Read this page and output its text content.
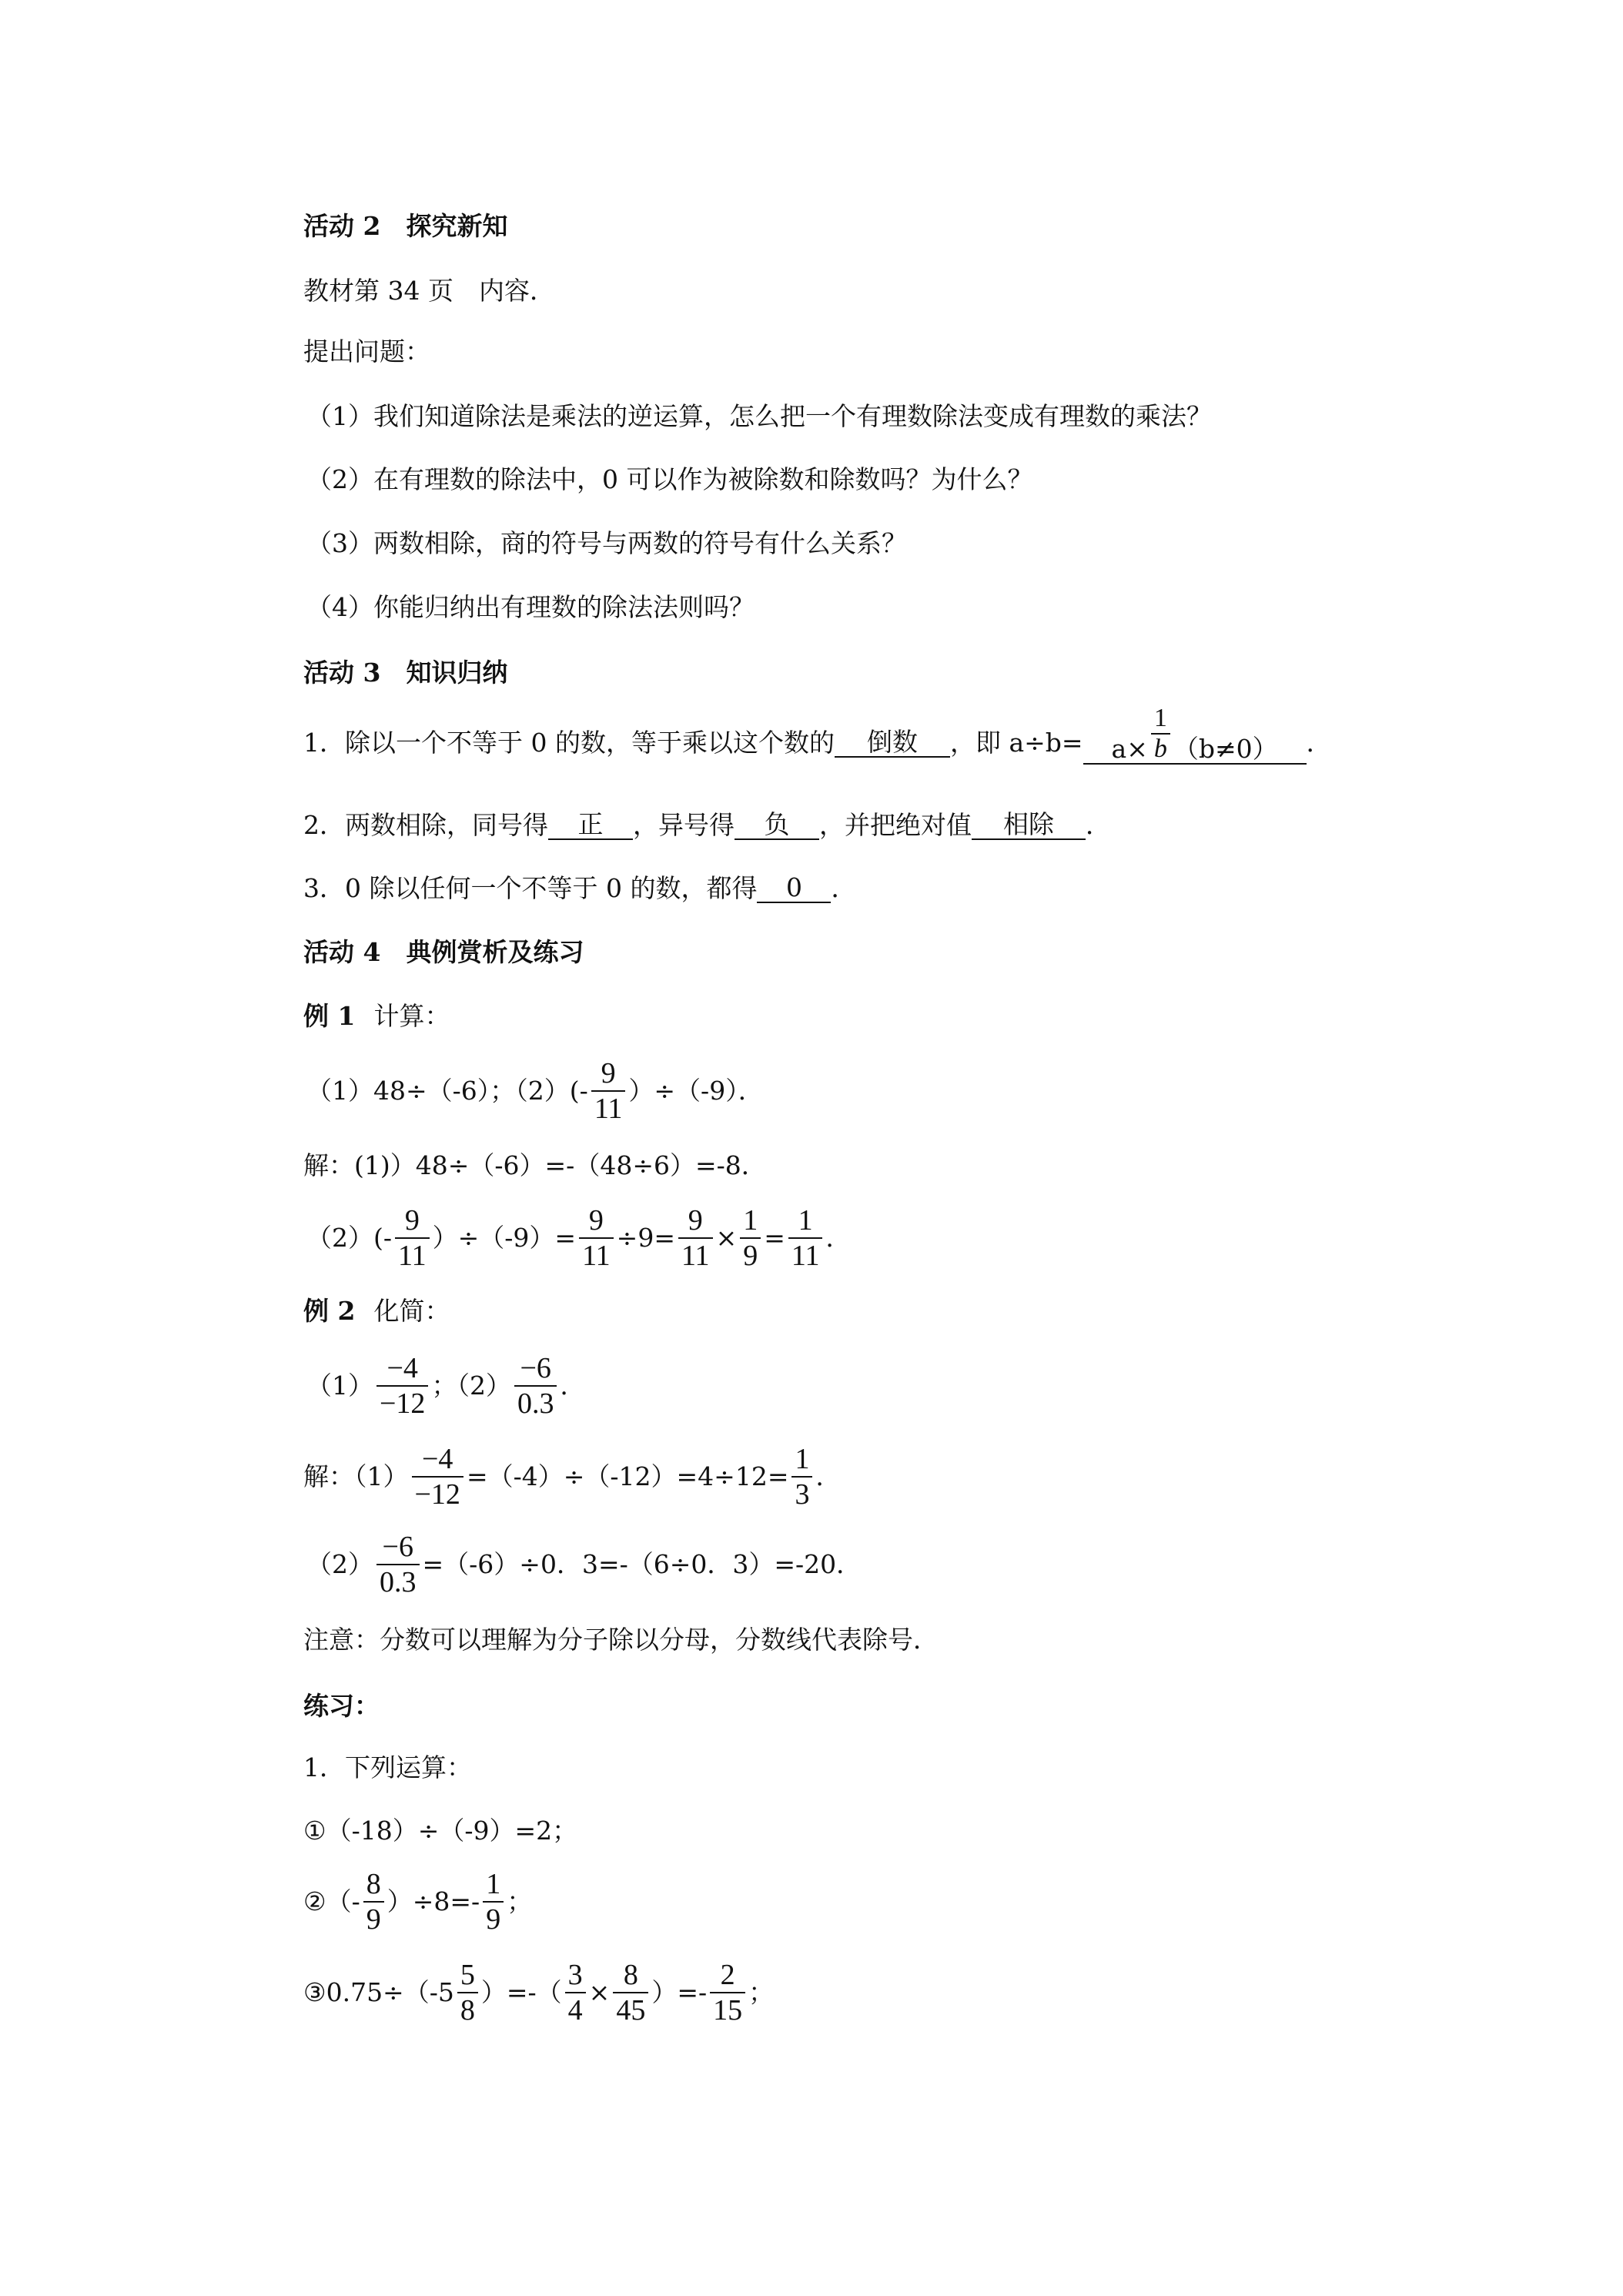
活动 2　探究新知
教材第 34 页　内容．
提出问题：
（1）我们知道除法是乘法的逆运算，怎么把一个有理数除法变成有理数的乘法？
（2）在有理数的除法中，0 可以作为被除数和除数吗？为什么？
（3）两数相除，商的符号与两数的符号有什么关系？
（4）你能归纳出有理数的除法法则吗？
活动 3　知识归纳
1．除以一个不等于 0 的数，等于乘以这个数的	倒数	，即 $a\div b= a\times \frac{1}{b} (b\ne 0)$ ．
2．两数相除，同号得	正	，异号得	负	，并把绝对值	相除	．
3．0 除以任何一个不等于 0 的数，都得	0	．
活动 4　典例赏析及练习
例 1 计算：
（1）48÷（-6）；$(2)(- \frac{9}{11} )\div(-9)$．
解：(1)）48÷（-6）=-（48÷6）=-8．
$(2)(- \frac{9}{11} )\div(-9)= \frac{9}{11} \div 9= \frac{9}{11} \times \frac{1}{9} = \frac{1}{11}$ ．
例 2 化简：
$(1) \frac{-4}{-12}$ ；$(2) \frac{-6}{0.3}$ ．
解：$(1) \frac{-4}{-12} =(-4)\div(-12)=4\div 12= \frac{1}{3}$ ．
$(2) \frac{-6}{0.3} =(-6)\div 0$．3=-（6÷0．3）=-20．
注意：分数可以理解为分子除以分母，分数线代表除号．
练习：
1．下列运算：
①（-18）÷（-9）=2；
②（- $\frac{8}{9} )\div 8=- \frac{1}{9}$ ；
③0.75÷（-5 $\frac{5}{8}$ ）=-（ $\frac{3}{4} \times \frac{8}{45}$ ）=- $\frac{2}{15}$ ；
